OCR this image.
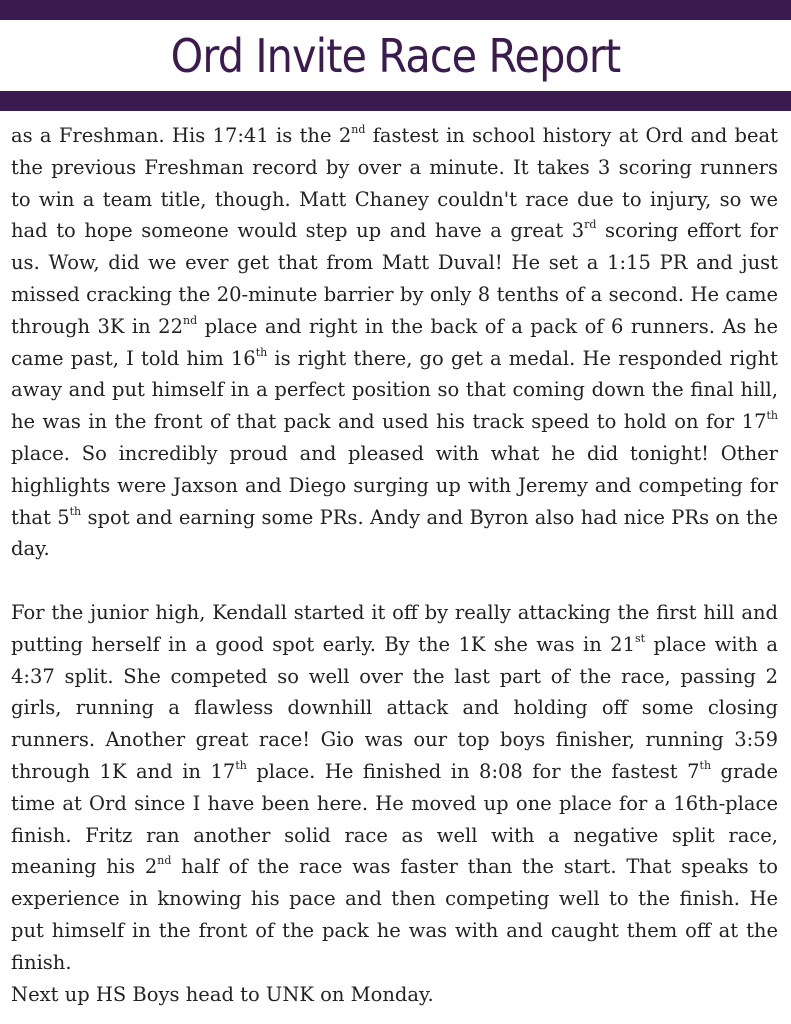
Ord Invite Race Report

as a Freshman. His 17:41 is the 2nd fastest in school history at Ord and beat the previous Freshman record by over a minute. It takes 3 scoring runners to win a team title, though. Matt Chaney couldn't race due to injury, so we had to hope someone would step up and have a great 3rd scoring effort for us. Wow, did we ever get that from Matt Duval! He set a 1:15 PR and just missed cracking the 20-minute barrier by only 8 tenths of a second. He came through 3K in 22nd place and right in the back of a pack of 6 runners. As he came past, I told him 16th is right there, go get a medal. He responded right away and put himself in a perfect position so that coming down the final hill, he was in the front of that pack and used his track speed to hold on for 17th place. So incredibly proud and pleased with what he did tonight! Other highlights were Jaxson and Diego surging up with Jeremy and competing for that 5th spot and earning some PRs. Andy and Byron also had nice PRs on the day.

For the junior high, Kendall started it off by really attacking the first hill and putting herself in a good spot early. By the 1K she was in 21st place with a 4:37 split. She competed so well over the last part of the race, passing 2 girls, running a flawless downhill attack and holding off some closing runners. Another great race! Gio was our top boys finisher, running 3:59 through 1K and in 17th place. He finished in 8:08 for the fastest 7th grade time at Ord since I have been here. He moved up one place for a 16th-place finish. Fritz ran another solid race as well with a negative split race, meaning his 2nd half of the race was faster than the start. That speaks to experience in knowing his pace and then competing well to the finish. He put himself in the front of the pack he was with and caught them off at the finish.

Next up HS Boys head to UNK on Monday.
